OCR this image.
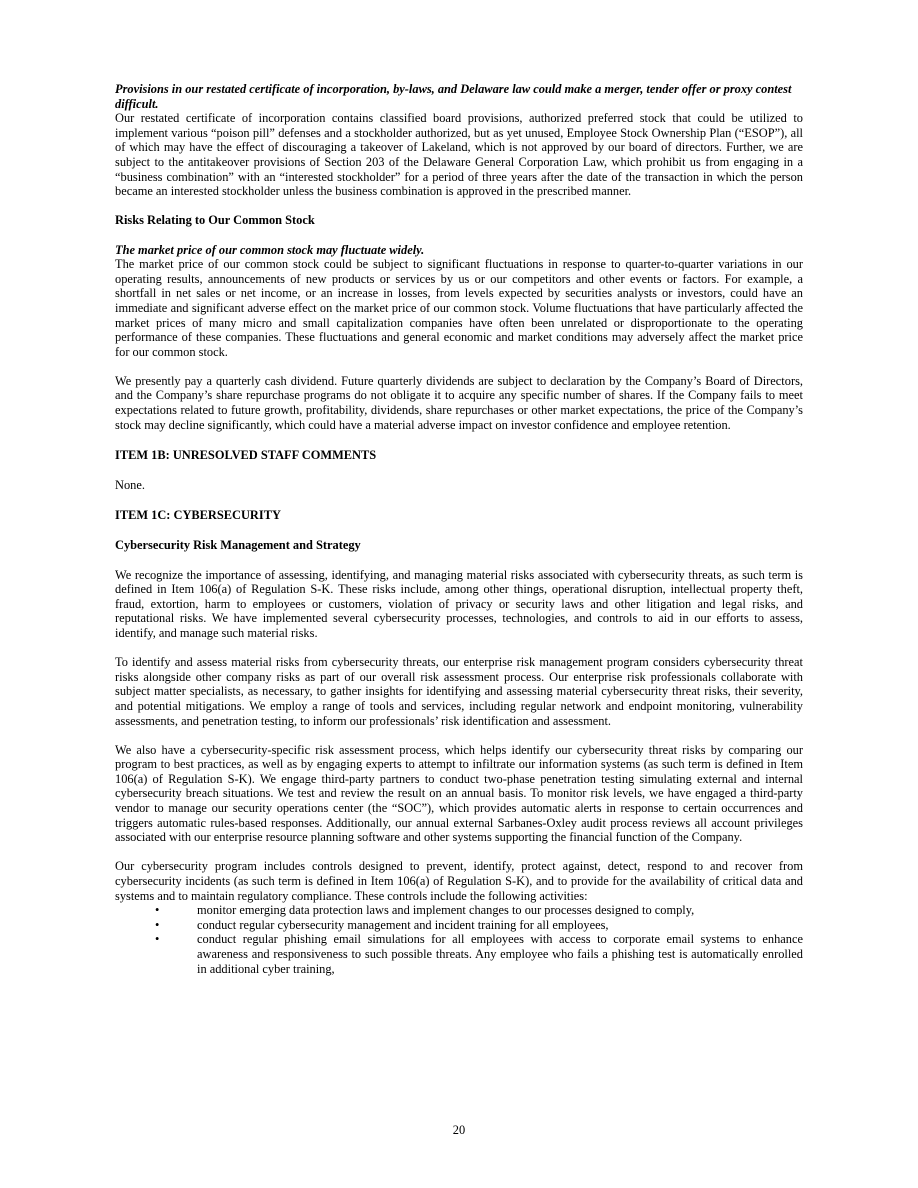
Provisions in our restated certificate of incorporation, by-laws, and Delaware law could make a merger, tender offer or proxy contest difficult.

Our restated certificate of incorporation contains classified board provisions, authorized preferred stock that could be utilized to implement various “poison pill” defenses and a stockholder authorized, but as yet unused, Employee Stock Ownership Plan (“ESOP”), all of which may have the effect of discouraging a takeover of Lakeland, which is not approved by our board of directors. Further, we are subject to the antitakeover provisions of Section 203 of the Delaware General Corporation Law, which prohibit us from engaging in a “business combination” with an “interested stockholder” for a period of three years after the date of the transaction in which the person became an interested stockholder unless the business combination is approved in the prescribed manner.

Risks Relating to Our Common Stock

The market price of our common stock may fluctuate widely.

The market price of our common stock could be subject to significant fluctuations in response to quarter-to-quarter variations in our operating results, announcements of new products or services by us or our competitors and other events or factors. For example, a shortfall in net sales or net income, or an increase in losses, from levels expected by securities analysts or investors, could have an immediate and significant adverse effect on the market price of our common stock. Volume fluctuations that have particularly affected the market prices of many micro and small capitalization companies have often been unrelated or disproportionate to the operating performance of these companies. These fluctuations and general economic and market conditions may adversely affect the market price for our common stock.

We presently pay a quarterly cash dividend. Future quarterly dividends are subject to declaration by the Company’s Board of Directors, and the Company’s share repurchase programs do not obligate it to acquire any specific number of shares. If the Company fails to meet expectations related to future growth, profitability, dividends, share repurchases or other market expectations, the price of the Company’s stock may decline significantly, which could have a material adverse impact on investor confidence and employee retention.

ITEM 1B: UNRESOLVED STAFF COMMENTS

None.

ITEM 1C: CYBERSECURITY

Cybersecurity Risk Management and Strategy

We recognize the importance of assessing, identifying, and managing material risks associated with cybersecurity threats, as such term is defined in Item 106(a) of Regulation S-K. These risks include, among other things, operational disruption, intellectual property theft, fraud, extortion, harm to employees or customers, violation of privacy or security laws and other litigation and legal risks, and reputational risks. We have implemented several cybersecurity processes, technologies, and controls to aid in our efforts to assess, identify, and manage such material risks.

To identify and assess material risks from cybersecurity threats, our enterprise risk management program considers cybersecurity threat risks alongside other company risks as part of our overall risk assessment process. Our enterprise risk professionals collaborate with subject matter specialists, as necessary, to gather insights for identifying and assessing material cybersecurity threat risks, their severity, and potential mitigations. We employ a range of tools and services, including regular network and endpoint monitoring, vulnerability assessments, and penetration testing, to inform our professionals’ risk identification and assessment.

We also have a cybersecurity-specific risk assessment process, which helps identify our cybersecurity threat risks by comparing our program to best practices, as well as by engaging experts to attempt to infiltrate our information systems (as such term is defined in Item 106(a) of Regulation S-K). We engage third-party partners to conduct two-phase penetration testing simulating external and internal cybersecurity breach situations. We test and review the result on an annual basis. To monitor risk levels, we have engaged a third-party vendor to manage our security operations center (the “SOC”), which provides automatic alerts in response to certain occurrences and triggers automatic rules-based responses. Additionally, our annual external Sarbanes-Oxley audit process reviews all account privileges associated with our enterprise resource planning software and other systems supporting the financial function of the Company.

Our cybersecurity program includes controls designed to prevent, identify, protect against, detect, respond to and recover from cybersecurity incidents (as such term is defined in Item 106(a) of Regulation S-K), and to provide for the availability of critical data and systems and to maintain regulatory compliance. These controls include the following activities:

•	monitor emerging data protection laws and implement changes to our processes designed to comply,
•	conduct regular cybersecurity management and incident training for all employees,
•	conduct regular phishing email simulations for all employees with access to corporate email systems to enhance awareness and responsiveness to such possible threats. Any employee who fails a phishing test is automatically enrolled in additional cyber training,
20
